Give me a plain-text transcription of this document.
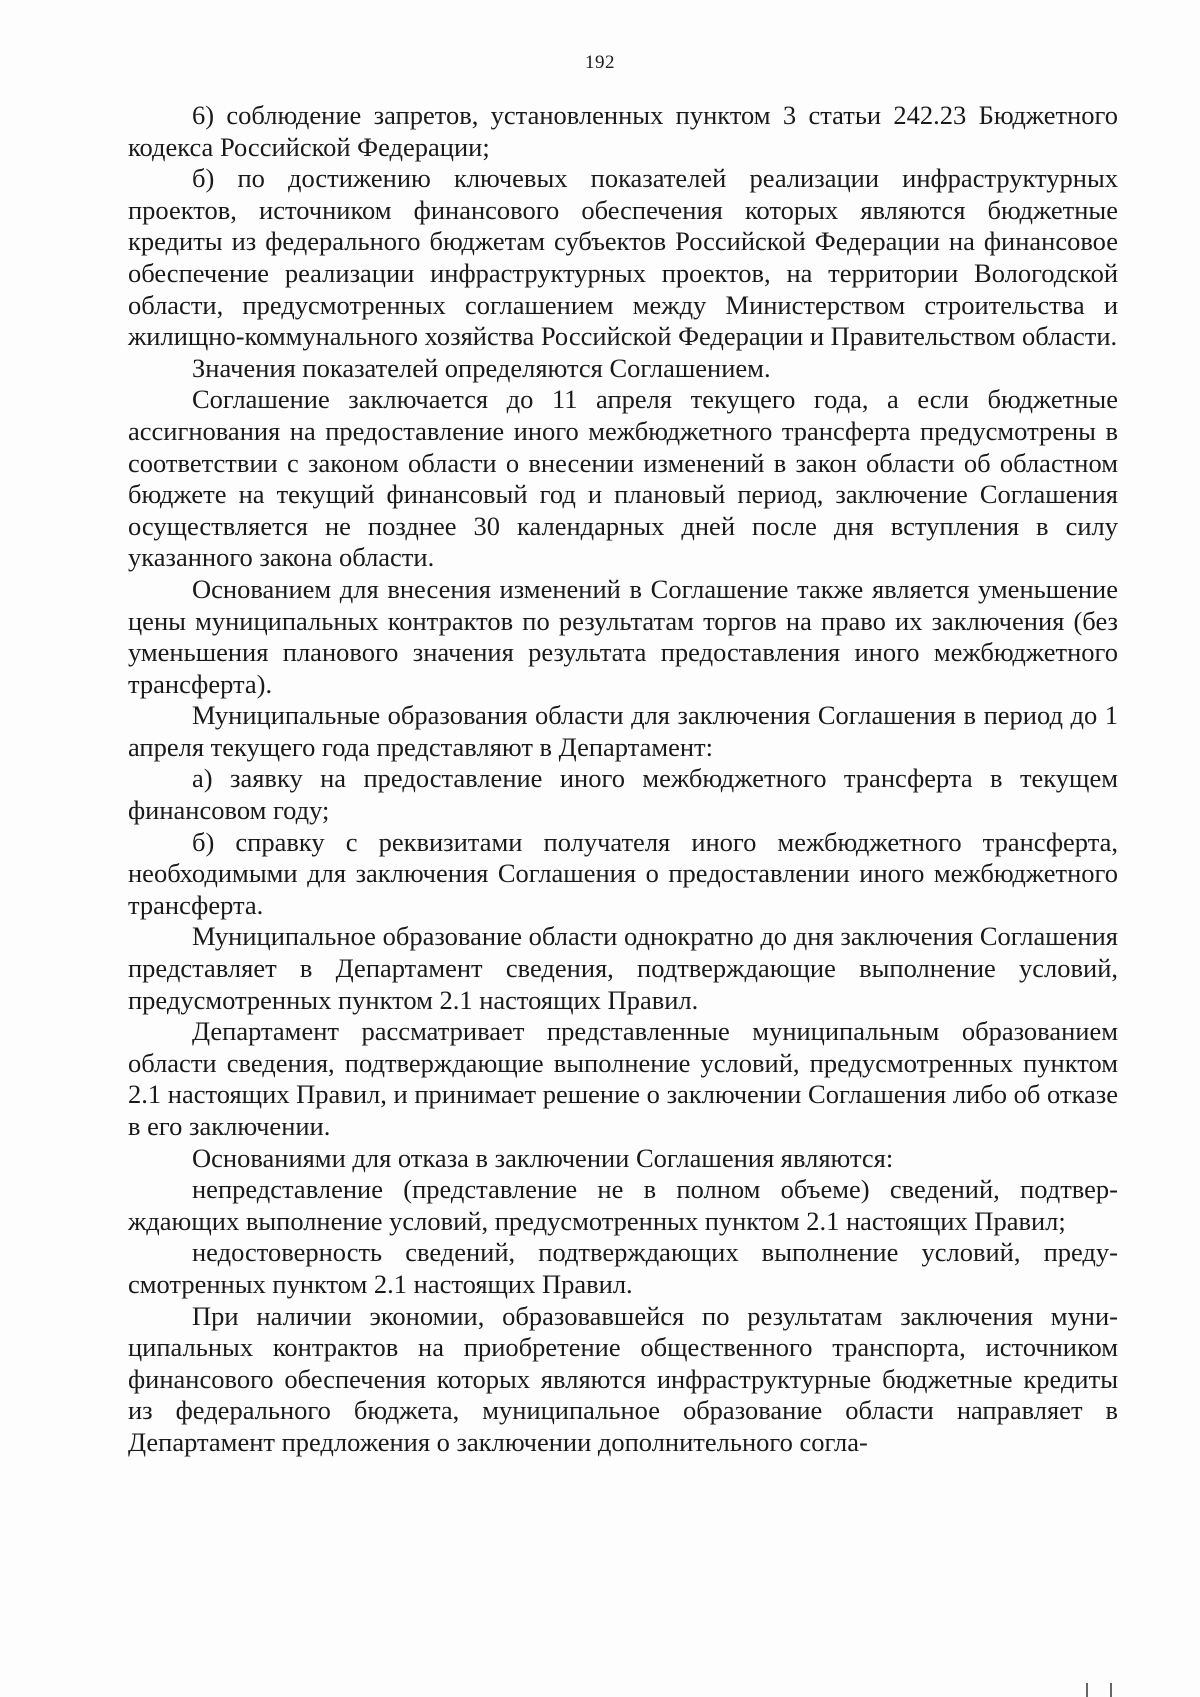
192

6) соблюдение запретов, установленных пунктом 3 статьи 242.23 Бюджетного кодекса Российской Федерации;

б) по достижению ключевых показателей реализации инфраструктурных проектов, источником финансового обеспечения которых являются бюджетные кредиты из федерального бюджетам субъектов Российской Федерации на финансовое обеспечение реализации инфраструктурных проектов, на территории Вологодской области, предусмотренных соглашением между Министерством строительства и жилищно-коммунального хозяйства Российской Федерации и Правительством области.

Значения показателей определяются Соглашением.

Соглашение заключается до 11 апреля текущего года, а если бюджетные ассигнования на предоставление иного межбюджетного трансферта предусмотрены в соответствии с законом области о внесении изменений в закон области об областном бюджете на текущий финансовый год и плановый период, заключение Соглашения осуществляется не позднее 30 календарных дней после дня вступления в силу указанного закона области.

Основанием для внесения изменений в Соглашение также является уменьшение цены муниципальных контрактов по результатам торгов на право их заключения (без уменьшения планового значения результата предоставления иного межбюджетного трансферта).

Муниципальные образования области для заключения Соглашения в период до 1 апреля текущего года представляют в Департамент:

а) заявку на предоставление иного межбюджетного трансферта в текущем финансовом году;

б) справку с реквизитами получателя иного межбюджетного трансферта, необходимыми для заключения Соглашения о предоставлении иного межбюджетного трансферта.

Муниципальное образование области однократно до дня заключения Соглашения представляет в Департамент сведения, подтверждающие выполнение условий, предусмотренных пунктом 2.1 настоящих Правил.

Департамент рассматривает представленные муниципальным образованием области сведения, подтверждающие выполнение условий, предусмотренных пунктом 2.1 настоящих Правил, и принимает решение о заключении Соглашения либо об отказе в его заключении.

Основаниями для отказа в заключении Соглашения являются:

непредставление (представление не в полном объеме) сведений, подтверждающих выполнение условий, предусмотренных пунктом 2.1 настоящих Правил;

недостоверность сведений, подтверждающих выполнение условий, предусмотренных пунктом 2.1 настоящих Правил.

При наличии экономии, образовавшейся по результатам заключения муниципальных контрактов на приобретение общественного транспорта, источником финансового обеспечения которых являются инфраструктурные бюджетные кредиты из федерального бюджета, муниципальное образование области направляет в Департамент предложения о заключении дополнительного согла-
